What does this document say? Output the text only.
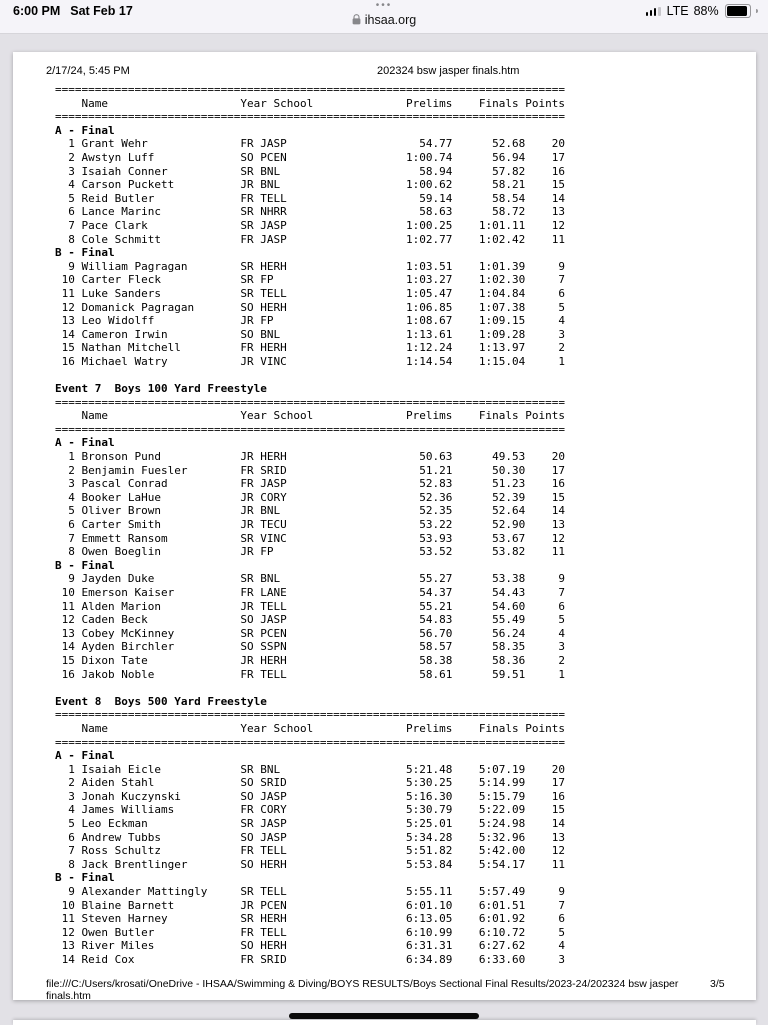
6:00 PM Sat Feb 17	•••
ihsaa.org
LTE 88%
2/17/24, 5:45 PM	202324 bsw jasper finals.htm
=============================================================================
Name                    Year School              Prelims    Finals Points
=============================================================================
A - Final
1 Grant Wehr              FR JASP                    54.77      52.68    20
2 Awstyn Luff             SO PCEN                  1:00.74      56.94    17
3 Isaiah Conner           SR BNL                     58.94      57.82    16
4 Carson Puckett          JR BNL                   1:00.62      58.21    15
5 Reid Butler             FR TELL                    59.14      58.54    14
6 Lance Marinc            SR NHRR                    58.63      58.72    13
7 Pace Clark              SR JASP                  1:00.25    1:01.11    12
8 Cole Schmitt            FR JASP                  1:02.77    1:02.42    11
B - Final
9 William Pagragan        SR HERH                  1:03.51    1:01.39     9
10 Carter Fleck            SR FP                    1:03.27    1:02.30     7
11 Luke Sanders            SR TELL                  1:05.47    1:04.84     6
12 Domanick Pagragan       SO HERH                  1:06.85    1:07.38     5
13 Leo Widolff             JR FP                    1:08.67    1:09.15     4
14 Cameron Irwin           SO BNL                   1:13.61    1:09.28     3
15 Nathan Mitchell         FR HERH                  1:12.24    1:13.97     2
16 Michael Watry           JR VINC                  1:14.54    1:15.04     1

Event 7  Boys 100 Yard Freestyle
=============================================================================
Name                    Year School              Prelims    Finals Points
=============================================================================
A - Final
1 Bronson Pund            JR HERH                    50.63      49.53    20
2 Benjamin Fuesler        FR SRID                    51.21      50.30    17
3 Pascal Conrad           FR JASP                    52.83      51.23    16
4 Booker LaHue            JR CORY                    52.36      52.39    15
5 Oliver Brown            JR BNL                     52.35      52.64    14
6 Carter Smith            JR TECU                    53.22      52.90    13
7 Emmett Ransom           SR VINC                    53.93      53.67    12
8 Owen Boeglin            JR FP                      53.52      53.82    11
B - Final
9 Jayden Duke             SR BNL                     55.27      53.38     9
10 Emerson Kaiser          FR LANE                    54.37      54.43     7
11 Alden Marion            JR TELL                    55.21      54.60     6
12 Caden Beck              SO JASP                    54.83      55.49     5
13 Cobey McKinney          SR PCEN                    56.70      56.24     4
14 Ayden Birchler          SO SSPN                    58.57      58.35     3
15 Dixon Tate              JR HERH                    58.38      58.36     2
16 Jakob Noble             FR TELL                    58.61      59.51     1

Event 8  Boys 500 Yard Freestyle
=============================================================================
Name                    Year School              Prelims    Finals Points
=============================================================================
A - Final
1 Isaiah Eicle            SR BNL                   5:21.48    5:07.19    20
2 Aiden Stahl             SO SRID                  5:30.25    5:14.99    17
3 Jonah Kuczynski         SO JASP                  5:16.30    5:15.79    16
4 James Williams          FR CORY                  5:30.79    5:22.09    15
5 Leo Eckman              SR JASP                  5:25.01    5:24.98    14
6 Andrew Tubbs            SO JASP                  5:34.28    5:32.96    13
7 Ross Schultz            FR TELL                  5:51.82    5:42.00    12
8 Jack Brentlinger        SO HERH                  5:53.84    5:54.17    11
B - Final
9 Alexander Mattingly     SR TELL                  5:55.11    5:57.49     9
10 Blaine Barnett          JR PCEN                  6:01.10    6:01.51     7
11 Steven Harney           SR HERH                  6:13.05    6:01.92     6
12 Owen Butler             FR TELL                  6:10.99    6:10.72     5
13 River Miles             SO HERH                  6:31.31    6:27.62     4
14 Reid Cox                FR SRID                  6:34.89    6:33.60     3
file:///C:/Users/krosati/OneDrive - IHSAA/Swimming & Diving/BOYS RESULTS/Boys Sectional Final Results/2023-24/202324 bsw jasper finals.htm
3/5
